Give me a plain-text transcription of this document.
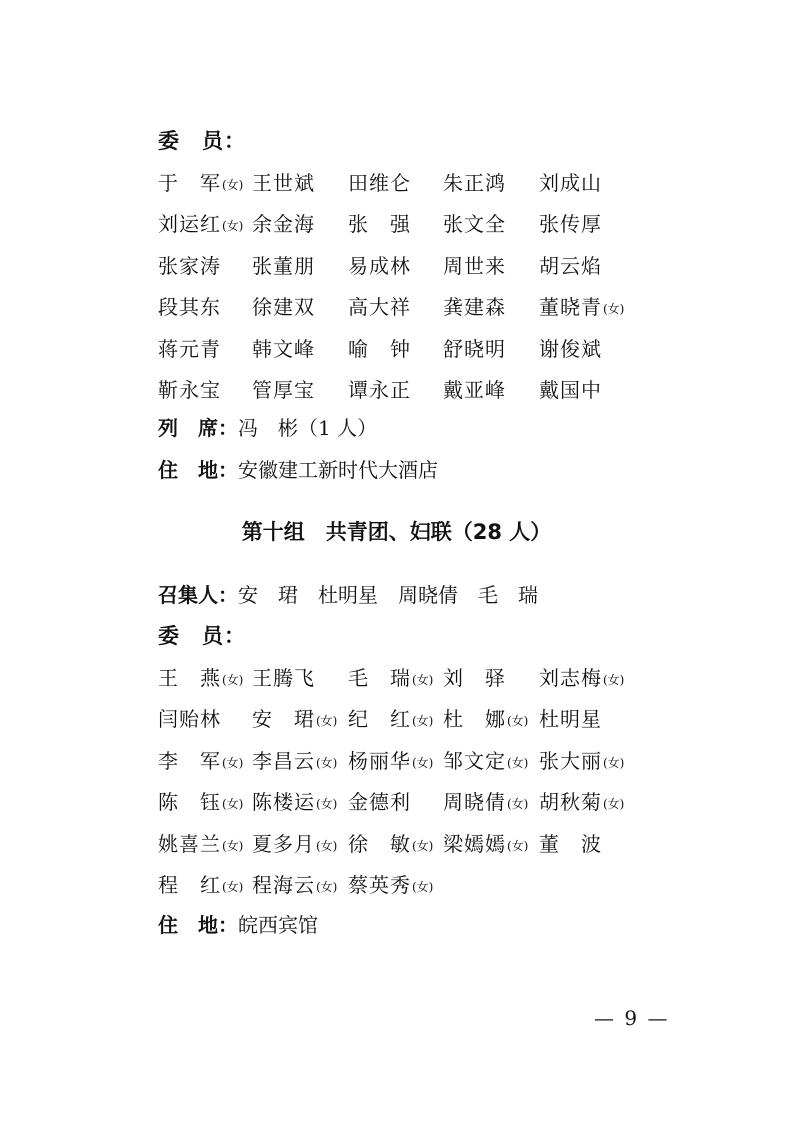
委　员：
于　军(女) 王世斌	田维仑	朱正鸿	刘成山
刘运红(女) 余金海	张　强	张文全	张传厚
张家涛	张董朋	易成林	周世来	胡云焰
段其东	徐建双	高大祥	龚建森	董晓青(女)
蒋元青	韩文峰	喻　钟	舒晓明	谢俊斌
靳永宝	管厚宝	谭永正	戴亚峰	戴国中
列　席：冯　彬（1 人）
住　地：安徽建工新时代大酒店
第十组　共青团、妇联（28 人）
召集人：安　珺　杜明星　周晓倩　毛　瑞
委　员：
王　燕(女) 王腾飞	毛　瑞(女) 刘　驿	刘志梅(女)
闫贻林	安　珺(女) 纪　红(女) 杜　娜(女) 杜明星
李　军(女) 李昌云(女) 杨丽华(女) 邹文定(女) 张大丽(女)
陈　钰(女) 陈楼运(女) 金德利	周晓倩(女) 胡秋菊(女)
姚喜兰(女) 夏多月(女) 徐　敏(女) 梁嫣嫣(女) 董　波
程　红(女) 程海云(女) 蔡英秀(女)
住　地：皖西宾馆
— 9 —
